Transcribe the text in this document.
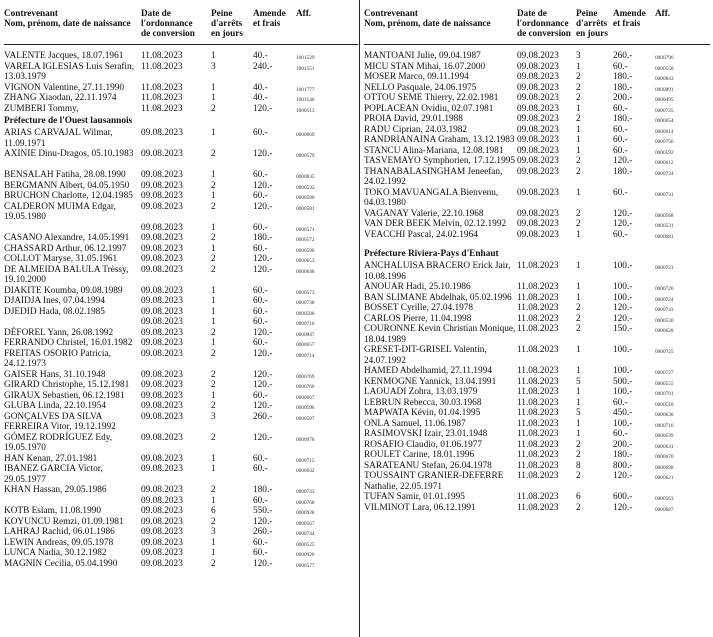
Contrevenant
Nom, prénom, date de naissance
Date de
l'ordonnance
de conversion
Peine
d'arrêts
en jours
Amende
et frais
Aff.
VALENTE Jacques, 18.07.1961	11.08.2023	1	40.-	1001529
VARELA IGLESIAS Luis Serafin, 13.03.1979
11.08.2023	3	240.-	1001551
VIGNON Valentine, 27.11.1990	11.08.2023	1	40.-	1001777
ZHANG Xiaodan, 22.11.1974	11.08.2023	1	40.-	1001540
ZUMBERI Tommy,	11.08.2023	2	120.-	1000513
Préfecture de l'Ouest lausannois
ARIAS CARVAJAL Wilmar, 11.09.1971
09.08.2023	1	60.-	0000669
AXINIE Dinu-Dragos, 05.10.1983 09.08.2023	2	120.-	0000579
BENSALAH Fatiha, 28.08.1990	09.08.2023	1	60.-	0000835
BERGMANN Albert, 04.05.1950	09.08.2023	2	120.-	0000532
BRUCHON Charlotte, 12.04.1985 09.08.2023	1	60.-	0000580
CALDERON MUIMA Edgar, 19.05.1980
09.08.2023	2	120.-	0000581
09.08.2023	1	60.-	0000571
CASANO Alexandre, 14.05.1991	09.08.2023	2	180.-	0000572
CHASSARD Arthur, 06.12.1997	09.08.2023	1	60.-	0000590
COLLOT Maryse, 31.05.1961	09.08.2023	2	120.-	0000653
DE ALMEIDA BALULA Trèssy, 19.10.2000
09.08.2023	2	120.-	0000648
DIAKITE Koumba, 09.08.1989	09.08.2023	1	60.-	0000573
DJAIDJA Ines, 07.04.1994	09.08.2023	1	60.-	0000738
DJEDID Hada, 08.02.1985	09.08.2023	1	60.-	0000586
09.08.2023	1	60.-	0000710
DÉFOREL Yann, 26.08.1992	09.08.2023	2	120.-	0000847
FERRANDO Christel, 16.01.1982 09.08.2023	1	60.-	0000657
FREITAS OSORIO Patricia, 24.12.1973
09.08.2023	2	120.-	0000714
GAISER Hans, 31.10.1948	09.08.2023	2	120.-	0000769
GIRARD Christophe, 15.12.1981	09.08.2023	2	120.-	0000766
GIRAUX Sebastien, 06.12.1981	09.08.2023	1	60.-	0000667
GLUBA Linda, 22.10.1954	09.08.2023	2	120.-	0000596
GONÇALVES DA SILVA FERREIRA Vitor, 19.12.1992
09.08.2023	3	260.-	0000587
GÓMEZ RODRÍGUEZ Edy, 19.05.1970
09.08.2023	2	120.-	0000978
HAN Kenan, 27.01.1981	09.08.2023	1	60.-	0000715
IBANEZ GARCIA Victor, 29.05.1977
09.08.2023	1	60.-	0000642
KHAN Hassan, 29.05.1986	09.08.2023	2	180.-	0000743
09.08.2023	1	60.-	0000768
KOTB Eslam, 11.08.1990	09.08.2023	6	550.-	0000928
KOYUNCU Remzi, 01.09.1981	09.08.2023	2	120.-	0000567
LAHRAJ Rachid, 06.01.1986	09.08.2023	3	260.-	0000744
LEWIN Andreas, 09.05.1978	09.08.2023	1	60.-	0000525
LUNCA Nadia, 30.12.1982	09.08.2023	1	60.-	0000926
MAGNIN Cecilia, 05.04.1990	09.08.2023	2	120.-	0000577
Contrevenant
Nom, prénom, date de naissance
Date de
l'ordonnance
de conversion
Peine
d'arrêts
en jours
Amende
et frais
Aff.
MANTOANI Julie, 09.04.1987	09.08.2023 3	260.-	0000796
MICU STAN Mihai, 16.07.2000	09.08.2023 1	60.-	0000558
MOSER Marco, 09.11.1994	09.08.2023 2	180.-	0000843
NELLO Pasquale, 24.06.1975	09.08.2023 2	180.-	0000891
OTTOU SEME Thierry, 22.02.1981	09.08.2023 2	200.-	0000495
POPLACEAN Ovidiu, 02.07.1981	09.08.2023 1	60.-	0000725
PROIA David, 29.01.1988	09.08.2023 2	180.-	0000654
RADU Ciprian, 24.03.1982	09.08.2023 1	60.-	0000614
RANDRIANAINA Graham, 13.12.1983 09.08.2023 1	60.-	0000756
STANCU Alina-Mariana, 12.08.1981	09.08.2023 1	60.-	0000592
TASVEMAYO Symphorien, 17.12.1995 09.08.2023 2	120.-	0000612
THANABALASINGHAM Jeneefan, 24.02.1992
09.08.2023 2	180.-	0000724
TOKO MAVUANGALA Bienvenu, 04.03.1980
09.08.2023 1	60.-	0000731
VAGANAY Valerie, 22.10.1968	09.08.2023 2	120.-	0000568
VAN DER BEEK Melvin, 02.12.1992	09.08.2023 2	120.-	0000531
VEACCHI Pascal, 24.02.1964	09.08.2023 1	60.-	0000681
Préfecture Riviera-Pays d'Enhaut
ANCHALUISA BRACERO Erick Jair, 10.08.1996
11.08.2023 1	100.-	0000721
ANOUAR Hadi, 25.10.1986	11.08.2023 1	100.-	0000726
BAN SLIMANE Abdelhak, 05.02.1996 11.08.2023 1	100.-	0000724
BOSSET Cyrille, 27.04.1978	11.08.2023 2	120.-	0000743
CARLOS Pierre, 11.04.1998	11.08.2023 2	120.-	0000530
COURONNE Kevin Christian Monique, 18.04.1989
11.08.2023 2	150.-	0000628
GRESET-DIT-GRISEL Valentin, 24.07.1992
11.08.2023 1	100.-	0000725
HAMED Abdelhamid, 27.11.1994	11.08.2023 1	100.-	0000727
KENMOGNE Yannick, 13.04.1991	11.08.2023 5	500.-	0000555
LAOUADI Zohra, 13.03.1979	11.08.2023 1	100.-	0000701
LEBRUN Rebecca, 30.03.1968	11.08.2023 1	60.-	0000518
MAPWATA Kévin, 01.04.1995	11.08.2023 5	450.-	0000630
ONLA Samuel, 11.06.1987	11.08.2023 1	100.-	0000716
RASIMOVSKI Izair, 23.01.1948	11.08.2023 1	60.-	0000539
ROSAFIO Claudio, 01.06.1977	11.08.2023 2	200.-	0000631
ROULET Carine, 18.01.1996	11.08.2023 2	180.-	0000670
SARATEANU Stefan, 26.04.1978	11.08.2023 8	800.-	0000698
TOUSSAINT GRANIER-DEFERRE Nathalie, 22.05.1971
11.08.2023 2	120.-	0000621
TUFAN Samir, 01.01.1995	11.08.2023 6	600.-	0000563
VILMINOT Lara, 06.12.1991	11.08.2023 2	120.-	0000687
